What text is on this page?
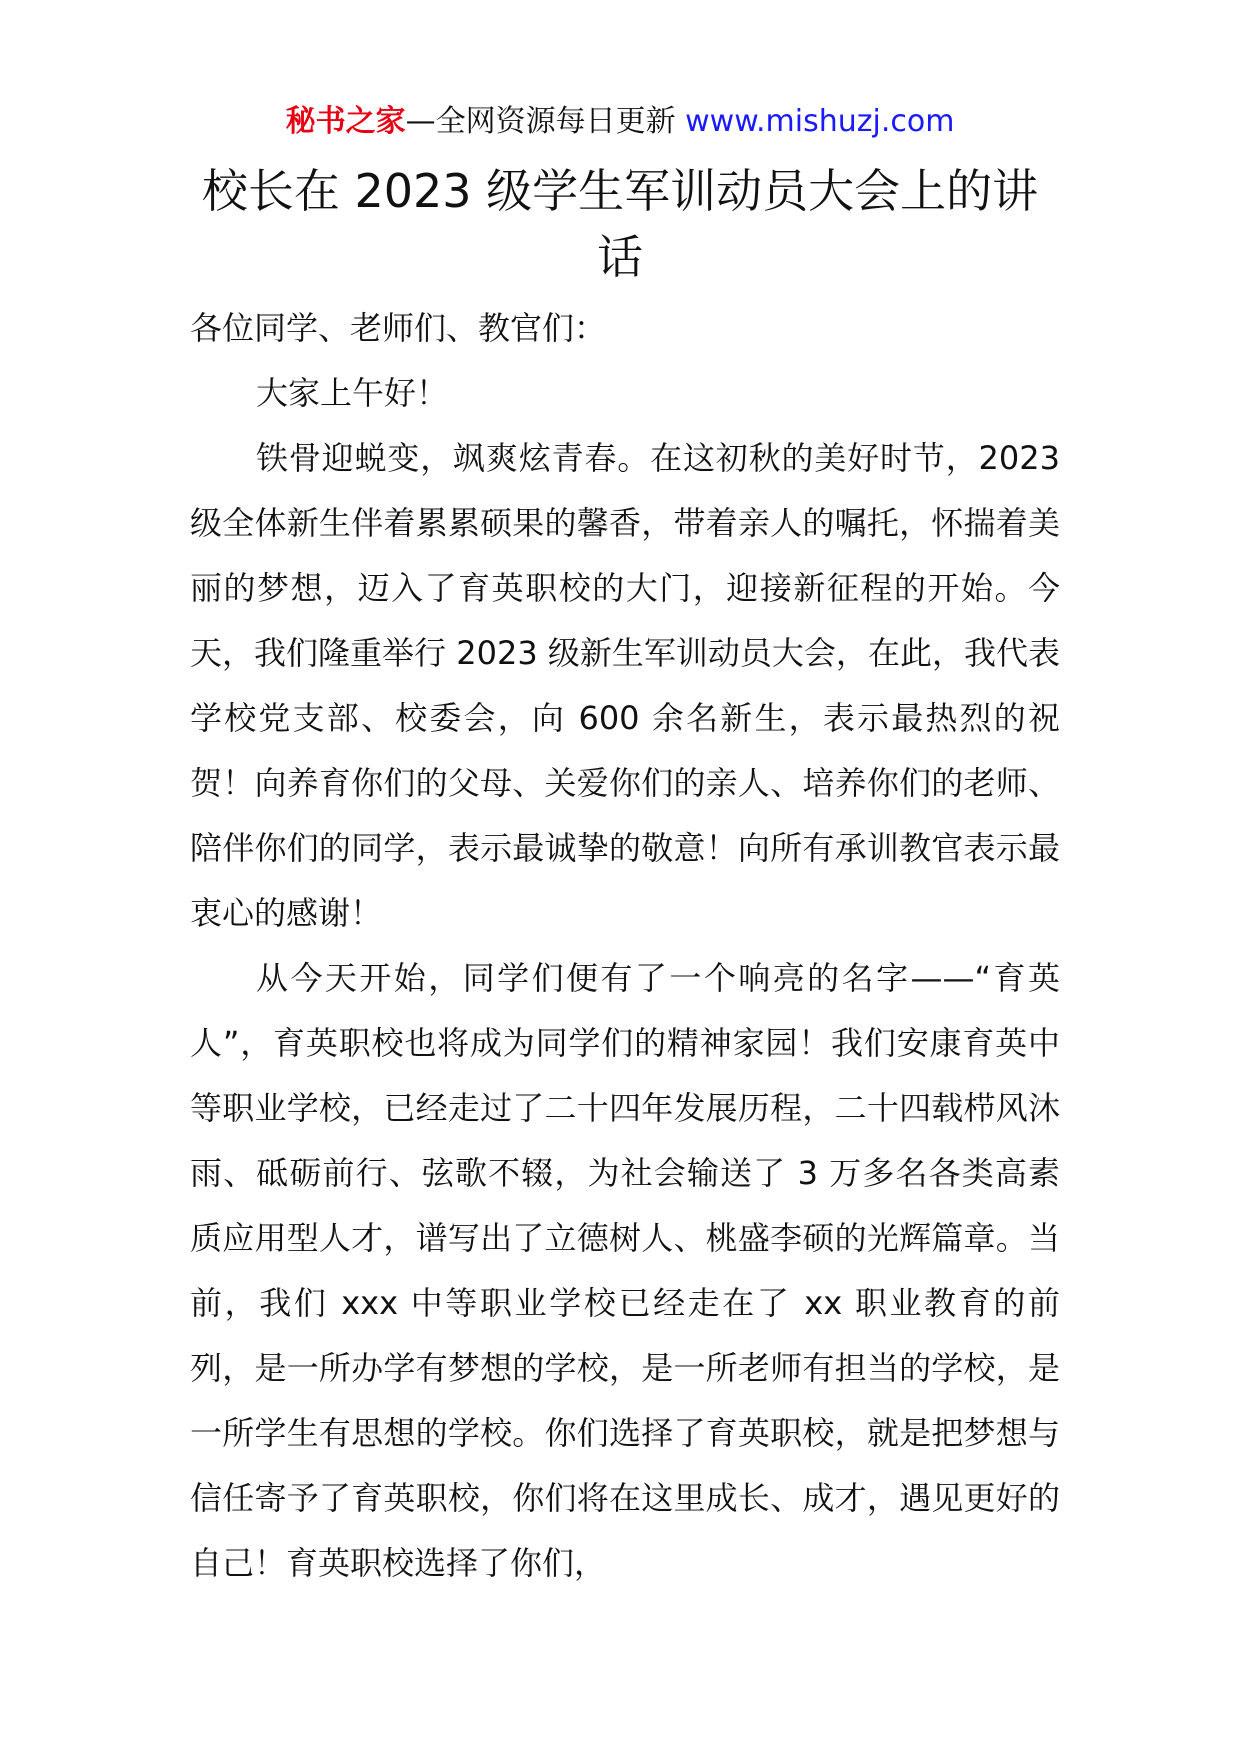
秘书之家—全网资源每日更新 www.mishuzj.com
校长在 2023 级学生军训动员大会上的讲话

各位同学、老师们、教官们：

大家上午好！

铁骨迎蜕变，飒爽炫青春。在这初秋的美好时节，2023 级全体新生伴着累累硕果的馨香，带着亲人的嘱托，怀揣着美丽的梦想，迈入了育英职校的大门，迎接新征程的开始。今天，我们隆重举行 2023 级新生军训动员大会，在此，我代表学校党支部、校委会，向 600 余名新生，表示最热烈的祝贺！向养育你们的父母、关爱你们的亲人、培养你们的老师、陪伴你们的同学，表示最诚挚的敬意！向所有承训教官表示最衷心的感谢！

从今天开始，同学们便有了一个响亮的名字——“育英人”，育英职校也将成为同学们的精神家园！我们安康育英中等职业学校，已经走过了二十四年发展历程，二十四载栉风沐雨、砥砺前行、弦歌不辍，为社会输送了 3 万多名各类高素质应用型人才，谱写出了立德树人、桃盛李硕的光辉篇章。当前，我们 xxx 中等职业学校已经走在了 xx 职业教育的前列，是一所办学有梦想的学校，是一所老师有担当的学校，是一所学生有思想的学校。你们选择了育英职校，就是把梦想与信任寄予了育英职校，你们将在这里成长、成才，遇见更好的自己！育英职校选择了你们，
